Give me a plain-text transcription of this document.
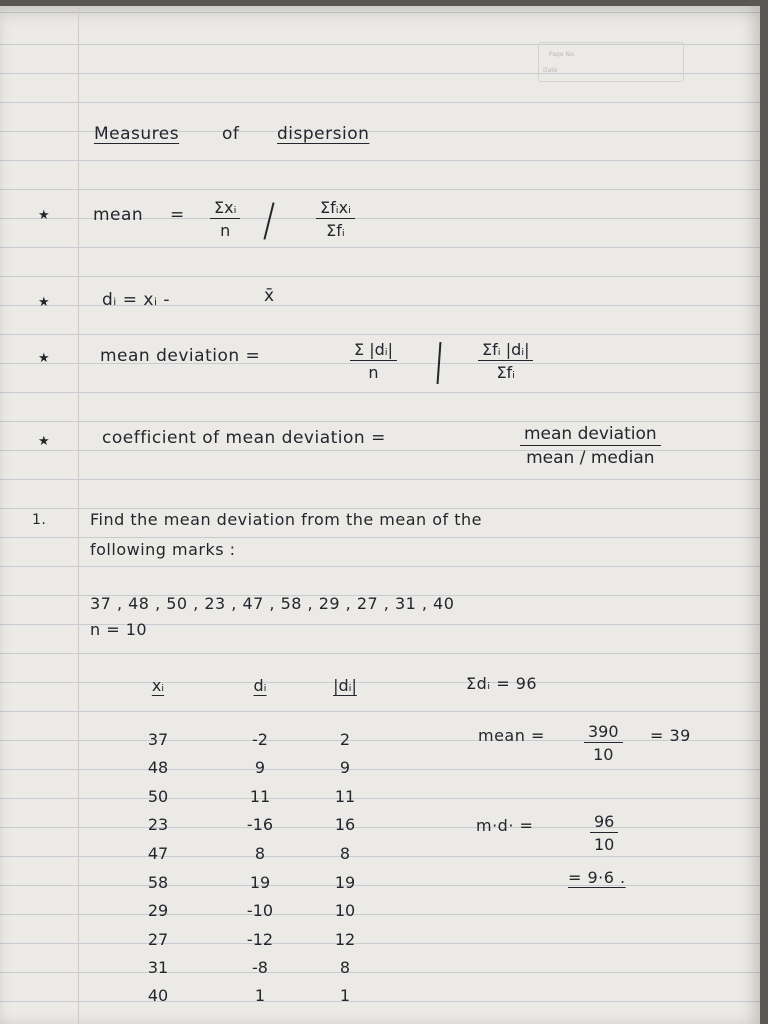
Page No.
Date
Measures	of dispersion
★	mean = Σxᵢ
n
Σfᵢxᵢ
Σfᵢ
★	dᵢ = xᵢ -	x̄
★	mean deviation =	$\frac{\text{Σ |dᵢ|}}{n}$	Σfᵢ |dᵢ|
Σfᵢ
★	coefficient of mean deviation =	mean deviation
mean / median
1.	Find the mean deviation from the mean of the
following marks :
37 , 48 , 50 , 23 , 47 , 58 , 29 , 27 , 31 , 40
n = 10
xᵢ	dᵢ	|dᵢ|
37	-2	2
48	9	9
50	11	11
23	-16	16
47	8	8
58	19	19
29	-10	10
27	-12	12
31	-8	8
40	1	1
Σdᵢ = 96
mean = $\frac{390}{10} = 39$
m·d· =	$\frac{96}{10}$
= 9·6 .
